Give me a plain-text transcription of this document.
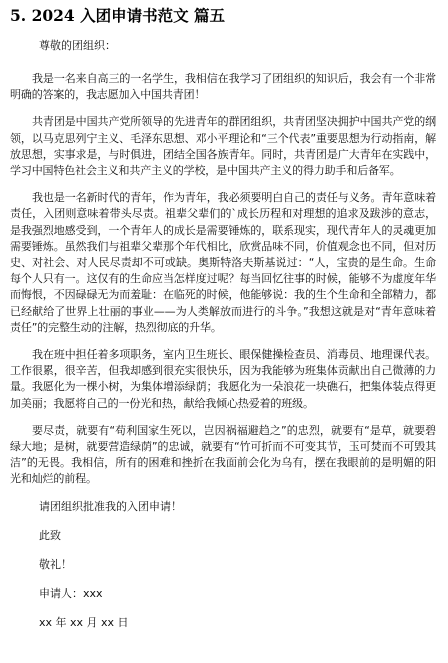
5. 2024 入团申请书范文 篇五
尊敬的团组织：

我是一名来自高三的一名学生，我相信在我学习了团组织的知识后，我会有一个非常明确的答案的，我志愿加入中国共青团！

共青团是中国共产党所领导的先进青年的群团组织，共青团坚决拥护中国共产党的纲领，以马克思列宁主义、毛泽东思想、邓小平理论和“三个代表”重要思想为行动指南，解放思想，实事求是，与时俱进，团结全国各族青年。同时，共青团是广大青年在实践中，学习中国特色社会主义和共产主义的学校，是中国共产主义的得力助手和后备军。

我也是一名新时代的青年，作为青年，我必须要明白自己的责任与义务。青年意味着责任，入团则意味着带头尽责。祖辈父辈们的`成长历程和对理想的追求及跋涉的意志，是我强烈地感受到，一个青年人的成长是需要锤炼的，联系现实，现代青年人的灵魂更加需要锤炼。虽然我们与祖辈父辈那个年代相比，欣赏品味不同，价值观念也不同，但对历史、对社会、对人民尽责却不可或缺。奥斯特洛夫斯基说过：“人，宝贵的是生命。生命每个人只有一。这仅有的生命应当怎样度过呢？每当回忆往事的时候，能够不为虚度年华而悔恨，不因碌碌无为而羞耻：在临死的时候，他能够说：我的生个生命和全部精力，都已经献给了世界上壮丽的事业——为人类解放而进行的斗争。”我想这就是对“青年意味着责任”的完整生动的注解，热烈彻底的升华。

我在班中担任着多项职务，室内卫生班长、眼保健操检查员、消毒员、地理课代表。工作很累，很辛苦，但我却感到很充实很快乐，因为我能够为班集体贡献出自己微薄的力量。我愿化为一棵小树，为集体增添绿荫；我愿化为一朵浪花一块礁石，把集体装点得更加美丽；我愿将自己的一份光和热，献给我倾心热爱着的班级。

要尽责，就要有“苟利国家生死以，岂因祸福避趋之”的忠烈，就要有“是草，就要碧绿大地；是树，就要营造绿荫”的忠诚，就要有“竹可折而不可变其节，玉可焚而不可毁其洁”的无畏。我相信，所有的困难和挫折在我面前会化为乌有，摆在我眼前的是明媚的阳光和灿烂的前程。

请团组织批准我的入团申请！
此致
敬礼！
申请人：xxx
xx 年 xx 月 xx 日
